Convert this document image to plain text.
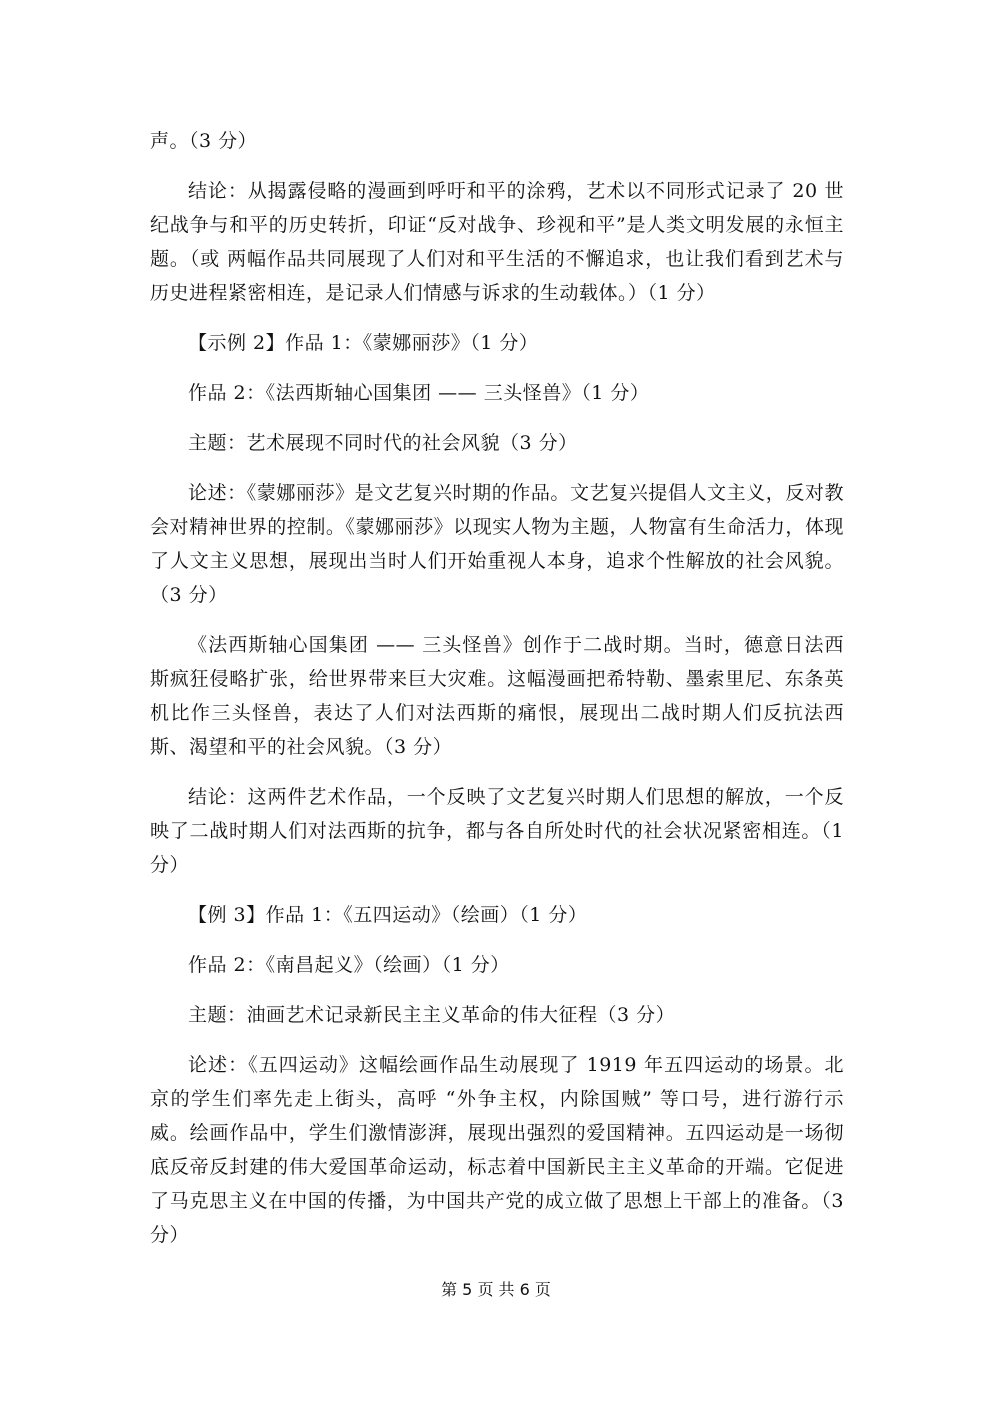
声。（3 分）

结论：从揭露侵略的漫画到呼吁和平的涂鸦，艺术以不同形式记录了 20 世纪战争与和平的历史转折，印证“反对战争、珍视和平”是人类文明发展的永恒主题。（或 两幅作品共同展现了人们对和平生活的不懈追求，也让我们看到艺术与历史进程紧密相连，是记录人们情感与诉求的生动载体。）（1 分）

【示例 2】作品 1：《蒙娜丽莎》（1 分）

作品 2：《法西斯轴心国集团 —— 三头怪兽》（1 分）

主题：艺术展现不同时代的社会风貌（3 分）

论述：《蒙娜丽莎》是文艺复兴时期的作品。文艺复兴提倡人文主义，反对教会对精神世界的控制。《蒙娜丽莎》以现实人物为主题，人物富有生命活力，体现了人文主义思想，展现出当时人们开始重视人本身，追求个性解放的社会风貌。（3 分）

《法西斯轴心国集团 —— 三头怪兽》创作于二战时期。当时，德意日法西斯疯狂侵略扩张，给世界带来巨大灾难。这幅漫画把希特勒、墨索里尼、东条英机比作三头怪兽，表达了人们对法西斯的痛恨，展现出二战时期人们反抗法西斯、渴望和平的社会风貌。（3 分）

结论：这两件艺术作品，一个反映了文艺复兴时期人们思想的解放，一个反映了二战时期人们对法西斯的抗争，都与各自所处时代的社会状况紧密相连。（1 分）

【例 3】作品 1：《五四运动》（绘画）（1 分）

作品 2：《南昌起义》（绘画）（1 分）

主题：油画艺术记录新民主主义革命的伟大征程（3 分）

论述：《五四运动》这幅绘画作品生动展现了 1919 年五四运动的场景。北京的学生们率先走上街头，高呼 “外争主权，内除国贼” 等口号，进行游行示威。绘画作品中，学生们激情澎湃，展现出强烈的爱国精神。五四运动是一场彻底反帝反封建的伟大爱国革命运动，标志着中国新民主主义革命的开端。它促进了马克思主义在中国的传播，为中国共产党的成立做了思想上干部上的准备。（3 分）

第 5 页 共 6 页
